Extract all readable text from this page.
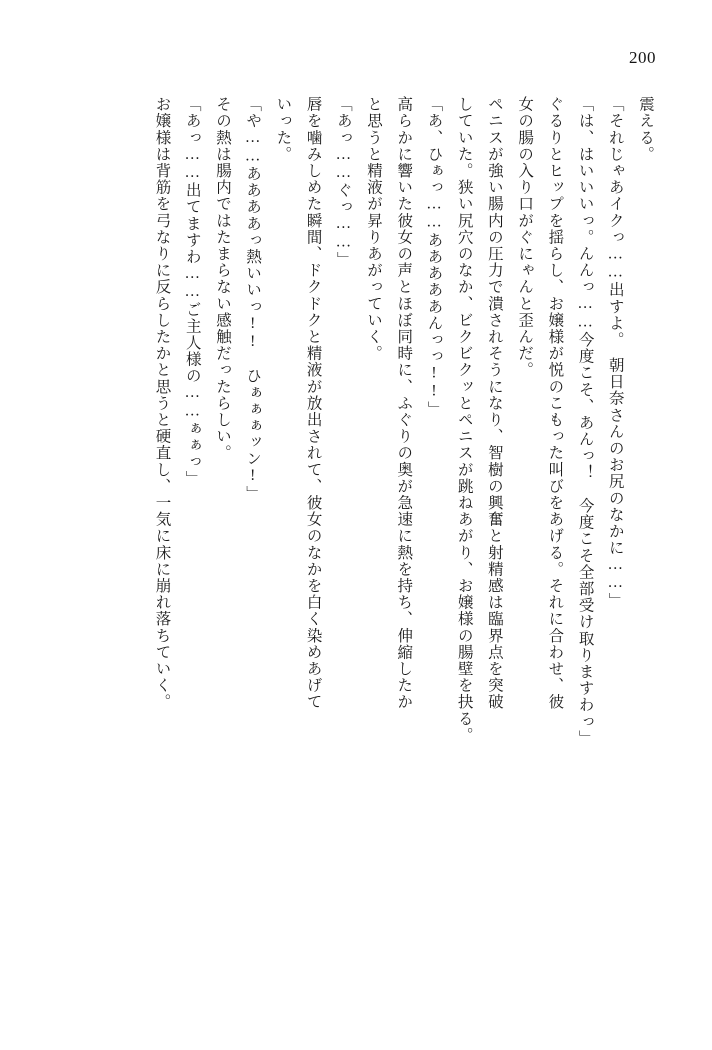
200

震える。

「それじゃあイクっ……出すよ。　朝日奈さんのお尻のなかに……」

「は、はいいいっ。んんっ……今度こそ、あんっ！　今度こそ全部受け取りますわっ」

ぐるりとヒップを揺らし、お嬢様が悦のこもった叫びをあげる。それに合わせ、彼

女の腸の入り口がぐにゃんと歪んだ。

ペニスが強い腸内の圧力で潰されそうになり、智樹の興奮と射精感は臨界点を突破

していた。狭い尻穴のなか、ビクビクッとペニスが跳ねあがり、お嬢様の腸壁を抉る。

「あ、ひぁっ……あああああんっっ!!」

高らかに響いた彼女の声とほぼ同時に、ふぐりの奥が急速に熱を持ち、伸縮したか

と思うと精液が昇りあがっていく。

「あっ……ぐっ……」

唇を噛みしめた瞬間、ドクドクと精液が放出されて、彼女のなかを白く染めあげて

いった。

「や……ああああっ熱いいっ!!　ひぁぁぁッン!」

その熱は腸内ではたまらない感触だったらしい。

「あっ……出てますわ……ご主人様の……ぁぁっ」

お嬢様は背筋を弓なりに反らしたかと思うと硬直し、一気に床に崩れ落ちていく。
